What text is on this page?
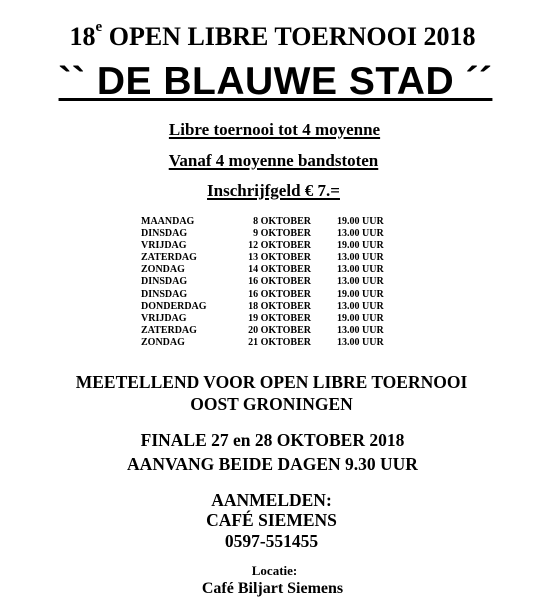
18e OPEN LIBRE TOERNOOI 2018
`` DE BLAUWE STAD ´´
Libre toernooi tot 4 moyenne
Vanaf 4 moyenne bandstoten
Inschrijfgeld € 7.=
MAANDAG	8 OKTOBER	19.00 UUR
DINSDAG	9 OKTOBER	13.00 UUR
VRIJDAG	12 OKTOBER	19.00 UUR
ZATERDAG	13 OKTOBER	13.00 UUR
ZONDAG	14 OKTOBER	13.00 UUR
DINSDAG	16 OKTOBER	13.00 UUR
DINSDAG	16 OKTOBER	19.00 UUR
DONDERDAG	18 OKTOBER	13.00 UUR
VRIJDAG	19 OKTOBER	19.00 UUR
ZATERDAG	20 OKTOBER	13.00 UUR
ZONDAG	21 OKTOBER	13.00 UUR
MEETELLEND VOOR OPEN LIBRE TOERNOOI
OOST GRONINGEN
FINALE 27 en 28 OKTOBER 2018
AANVANG BEIDE DAGEN 9.30 UUR
AANMELDEN:
CAFÉ SIEMENS
0597-551455
Locatie:
Café Biljart Siemens
